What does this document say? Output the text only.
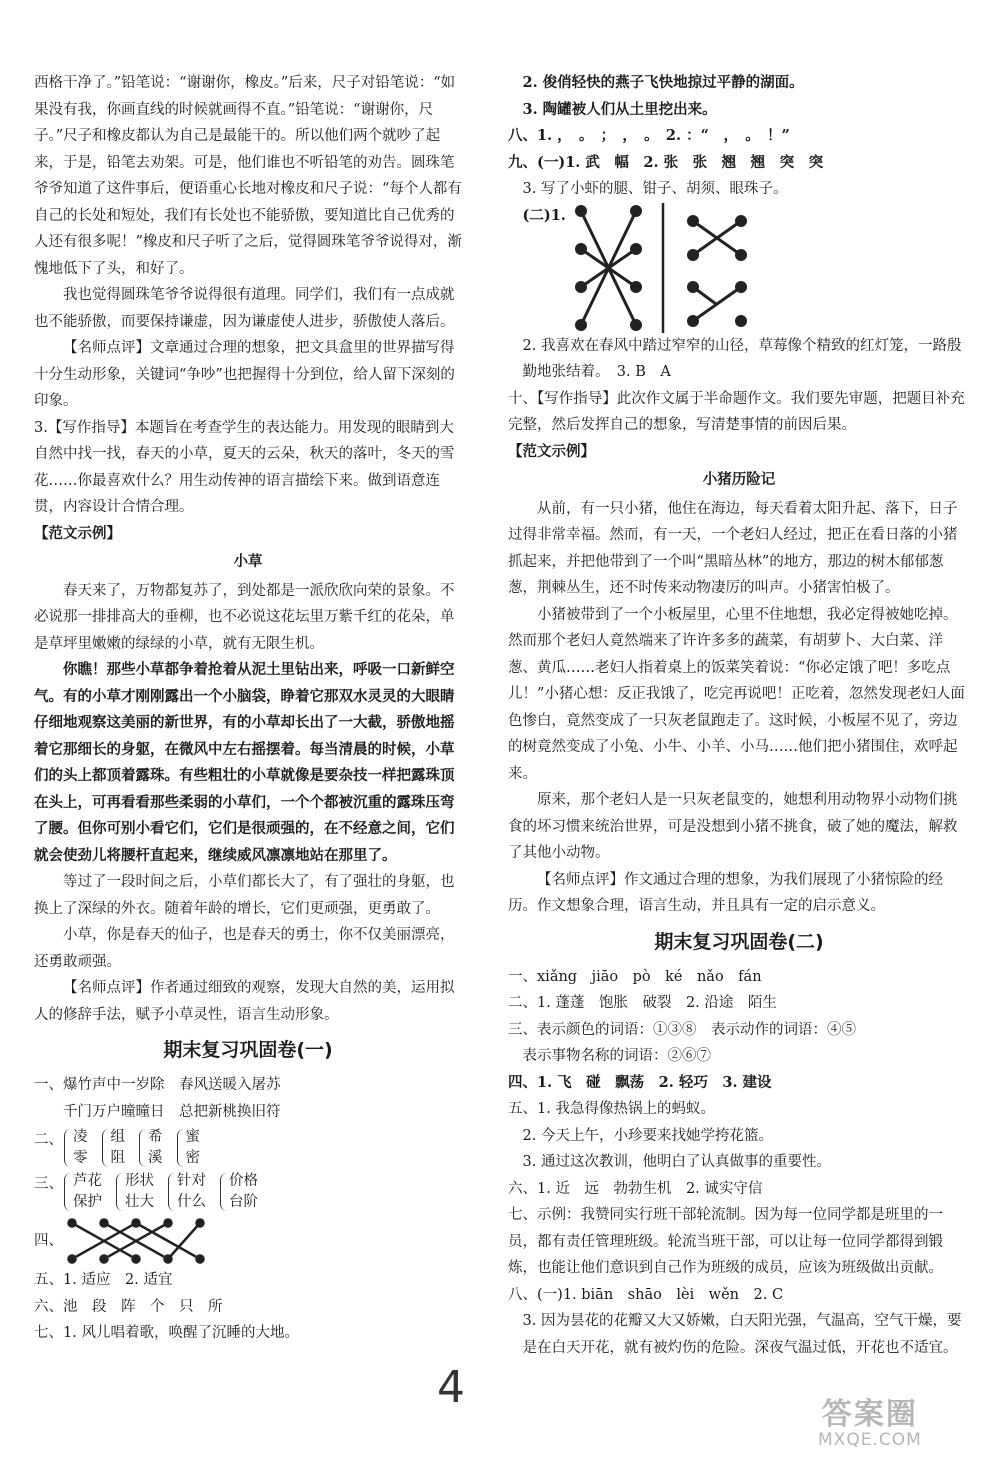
西格干净了。”铅笔说：“谢谢你，橡皮。”后来，尺子对铅笔说：“如果没有我，你画直线的时候就画得不直。”铅笔说：“谢谢你，尺子。”尺子和橡皮都认为自己是最能干的。所以他们两个就吵了起来，于是，铅笔去劝架。可是，他们谁也不听铅笔的劝告。圆珠笔爷爷知道了这件事后，便语重心长地对橡皮和尺子说：“每个人都有自己的长处和短处，我们有长处也不能骄傲，要知道比自己优秀的人还有很多呢！”橡皮和尺子听了之后，觉得圆珠笔爷爷说得对，渐愧地低下了头，和好了。

我也觉得圆珠笔爷爷说得很有道理。同学们，我们有一点成就也不能骄傲，而要保持谦虚，因为谦虚使人进步，骄傲使人落后。

【名师点评】文章通过合理的想象，把文具盒里的世界描写得十分生动形象，关键词“争吵”也把握得十分到位，给人留下深刻的印象。

3.【写作指导】本题旨在考查学生的表达能力。用发现的眼睛到大自然中找一找，春天的小草，夏天的云朵，秋天的落叶，冬天的雪花……你最喜欢什么？用生动传神的语言描绘下来。做到语意连贯，内容设计合情合理。

【范文示例】

小草

春天来了，万物都复苏了，到处都是一派欣欣向荣的景象。不必说那一排排高大的垂柳，也不必说这花坛里万紫千红的花朵，单是草坪里嫩嫩的绿绿的小草，就有无限生机。

你瞧！那些小草都争着抢着从泥土里钻出来，呼吸一口新鲜空气。有的小草才刚刚露出一个小脑袋，睁着它那双水灵灵的大眼睛仔细地观察这美丽的新世界，有的小草却长出了一大截，骄傲地摇着它那细长的身躯，在微风中左右摇摆着。每当清晨的时候，小草们的头上都顶着露珠。有些粗壮的小草就像是要杂技一样把露珠顶在头上，可再看看那些柔弱的小草们，一个个都被沉重的露珠压弯了腰。但你可别小看它们，它们是很顽强的，在不经意之间，它们就会使劲儿将腰杆直起来，继续威风凛凛地站在那里了。

等过了一段时间之后，小草们都长大了，有了强壮的身躯，也换上了深绿的外衣。随着年龄的增长，它们更顽强，更勇敢了。

小草，你是春天的仙子，也是春天的勇士，你不仅美丽漂亮，还勇敢顽强。

【名师点评】作者通过细致的观察，发现大自然的美，运用拟人的修辞手法，赋予小草灵性，语言生动形象。

期末复习巩固卷(一)

一、爆竹声中一岁除　春风送暖入屠苏

千门万户曈曈日　总把新桃换旧符

二、 凌
零
组
阻
希
溪
蜜
密
三、 芦花
保护
形状
壮大
针对
什么
价格
台阶
四、

五、1. 适应　2. 适宜

六、池　段　阵　个　只　所

七、1. 风儿唱着歌，唤醒了沉睡的大地。

2. 俊俏轻快的燕子飞快地掠过平静的湖面。

3. 陶罐被人们从土里挖出来。

八、1. ，　。　；　，　。　2. ：“　，　。　！”

九、(一)1. 武　幅　2. 张　张　翘　翘　突　突

3. 写了小虾的腿、钳子、胡须、眼珠子。

(二)1.

2. 我喜欢在春风中踏过窄窄的山径，草莓像个精致的红灯笼，一路殷勤地张结着。　3. B　A

十、【写作指导】此次作文属于半命题作文。我们要先审题，把题目补充完整，然后发挥自己的想象，写清楚事情的前因后果。

【范文示例】

小猪历险记

从前，有一只小猪，他住在海边，每天看着太阳升起、落下，日子过得非常幸福。然而，有一天，一个老妇人经过，把正在看日落的小猪抓起来，并把他带到了一个叫“黑暗丛林”的地方，那边的树木郁郁葱葱，荆棘丛生，还不时传来动物凄厉的叫声。小猪害怕极了。

小猪被带到了一个小板屋里，心里不住地想，我必定得被她吃掉。然而那个老妇人竟然端来了许许多多的蔬菜，有胡萝卜、大白菜、洋葱、黄瓜……老妇人指着桌上的饭菜笑着说：“你必定饿了吧！多吃点儿！”小猪心想：反正我饿了，吃完再说吧！正吃着，忽然发现老妇人面色惨白，竟然变成了一只灰老鼠跑走了。这时候，小板屋不见了，旁边的树竟然变成了小兔、小牛、小羊、小马……他们把小猪围住，欢呼起来。

原来，那个老妇人是一只灰老鼠变的，她想利用动物界小动物们挑食的坏习惯来统治世界，可是没想到小猪不挑食，破了她的魔法，解救了其他小动物。

【名师点评】作文通过合理的想象，为我们展现了小猪惊险的经历。作文想象合理，语言生动，并且具有一定的启示意义。

期末复习巩固卷(二)

一、xiǎng　jiāo　pò　ké　nǎo　fán

二、1. 蓬蓬　饱胀　破裂　2. 沿途　陌生

三、表示颜色的词语：①③⑧　表示动作的词语：④⑤

表示事物名称的词语：②⑥⑦

四、1. 飞　碰　飘荡　2. 轻巧　3. 建设

五、1. 我急得像热锅上的蚂蚁。

2. 今天上午，小珍要来找她学挎花篮。

3. 通过这次教训，他明白了认真做事的重要性。

六、1. 近　远　勃勃生机　2. 诚实守信

七、示例：我赞同实行班干部轮流制。因为每一位同学都是班里的一员，都有责任管理班级。轮流当班干部，可以让每一位同学都得到锻炼，也能让他们意识到自己作为班级的成员，应该为班级做出贡献。

八、(一)1. biān　shāo　lèi　wěn　2. C

3. 因为昙花的花瓣又大又娇嫩，白天阳光强，气温高，空气干燥，要是在白天开花，就有被灼伤的危险。深夜气温过低，开花也不适宜。

4
答案圈
MXQE.COM
